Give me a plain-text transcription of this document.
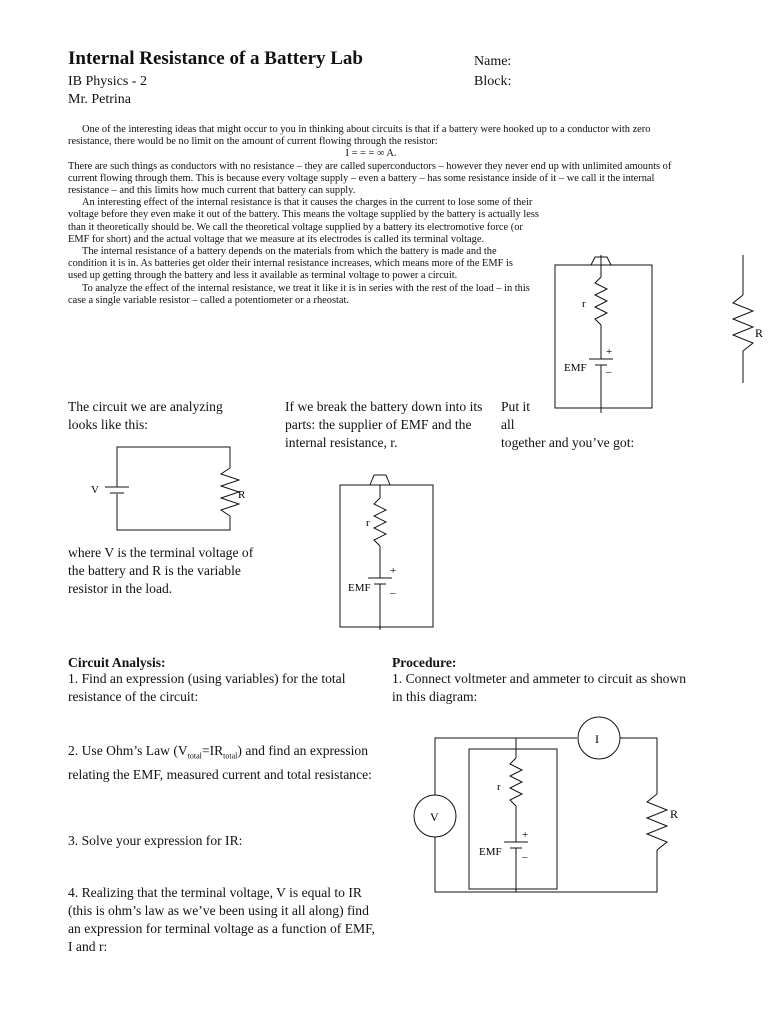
Internal Resistance of a Battery Lab
IB Physics - 2
Mr. Petrina
Name:
Block:

One of the interesting ideas that might occur to you in thinking about circuits is that if a battery were hooked up to a conductor with zero resistance, there would be no limit on the amount of current flowing through the resistor:

I = = = ∞ A.

There are such things as conductors with no resistance – they are called superconductors – however they never end up with unlimited amounts of current flowing through them. This is because every voltage supply – even a battery – has some resistance inside of it – we call it the internal resistance – and this limits how much current that battery can supply.

An interesting effect of the internal resistance is that it causes the charges in the current to lose some of their voltage before they even make it out of the battery. This means the voltage supplied by the battery is actually less than it theoretically should be. We call the theoretical voltage supplied by a battery its electromotive force (or EMF for short) and the actual voltage that we measure at its electrodes is called its terminal voltage.

The internal resistance of a battery depends on the materials from which the battery is made and the condition it is in. As batteries get older their internal resistance increases, which means more of the EMF is used up getting through the battery and less it available as terminal voltage to power a circuit.

To analyze the effect of the internal resistance, we treat it like it is in series with the rest of the load – in this case a single variable resistor – called a potentiometer or a rheostat.	r
R
+
_
EMF
The circuit we are analyzing looks like this:
If we break the battery down into its parts: the supplier of EMF and the internal resistance, r.
Put it
all
together and you’ve got:
V	R
where V is the terminal voltage of the battery and R is the variable resistor in the load.
r
+
_
EMF
Circuit Analysis:
1. Find an expression (using variables) for the total resistance of the circuit:
2. Use Ohm’s Law $(V_{total}=IR_{total})$ and find an expression relating the EMF, measured current and total resistance:
3. Solve your expression for IR:
4. Realizing that the terminal voltage, V is equal to IR (this is ohm’s law as we’ve been using it all along) find an expression for terminal voltage as a function of EMF, I and r:
Procedure:
1. Connect voltmeter and ammeter to circuit as shown in this diagram:
I
V
r
R
+
_
EMF
